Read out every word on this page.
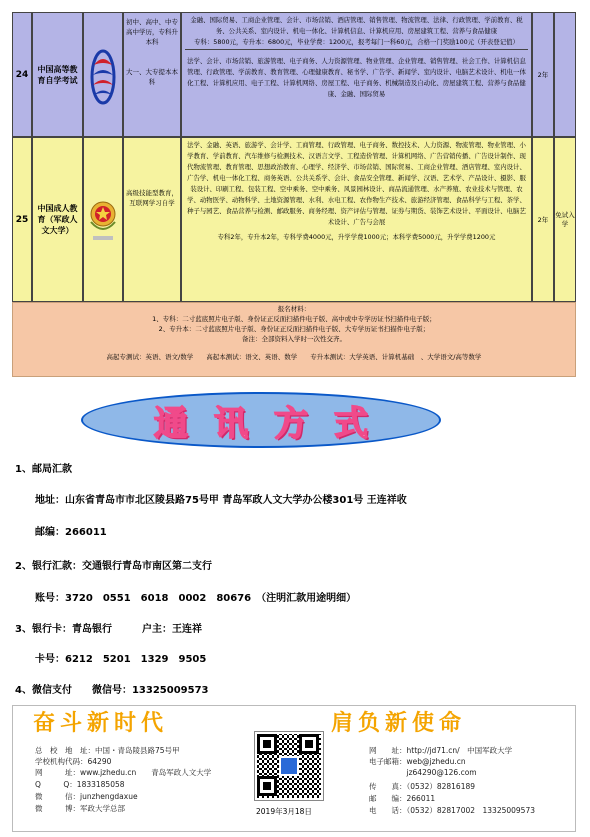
24
中国高等教育自学考试
初中、高中、中专高中学历，专科升本科
大一、大专提本本科

金融、国际贸易、工商企业管理、会计、市场营销、酒店管理、销售管理、物流管理、法律、行政管理、学前教育、税务、公共关系、室内设计、机电一体化、计算机信息、计算机应用、房屋建筑工程、营养与食品健康

专科：5800元，专升本：6800元，毕业学费：1200元，报考每门一科60元，合格一门奖励100元（开表登记值）

法学、会计、市场营销、旅游管理、电子商务、人力资源管理、物业管理、企业管理、销售管理、社会工作、计算机信息管理、行政管理、学前教育、教育管理、心理健康教育、秘书学、广告学、新闻学、室内设计、电脑艺术设计、机电一体化工程、计算机应用、电子工程、计算机网络、房屋工程、电子商务、机械制造及自动化、房屋建筑工程、营养与食品健康、金融、国际贸易

2年
25
中国成人教育（军政人文大学）
高级技能型教育，互联网学习自学

法学、金融、英语、旅游学、会计学、工商管理、行政管理、电子商务、数控技术、人力资源、物流管理、物业管理、小学教育、学前教育、汽车维修与检测技术、汉语言文学、工程造价管理、计算机网络、广告营销传播、广告设计制作、现代物流管理、教育管理、思想政治教育、心理学、经济学、市场营销、国际贸易、工商企业管理、酒店管理、室内设计、广告学、机电一体化工程、商务英语、公共关系学、会计、食品安全管理、新闻学、汉语、艺术学、产品设计、摄影、服装设计、印刷工程、包装工程、空中乘务、空中乘务、风景园林设计、商品流通管理、水产养殖、农业技术与管理、农学、动物医学、动物科学、土地资源管理、水利、水电工程、农作物生产技术、旅游经济管理、食品科学与工程、茶学、种子与园艺、食品营养与检测、邮政服务、商务经理、资产评估与管理、证券与期货、装饰艺术设计、平面设计、电脑艺术设计、广告与会展

专科2年，专升本2年，专科学费4000元，升学学费1000元；本科学费5000元，升学学费1200元

2年
免试入学

报名材料：

1、专科：二寸蓝底照片电子版、身份证正反面扫描件电子版、高中或中专学历证书扫描件电子版；

2、专升本：二寸蓝底照片电子版、身份证正反面扫描件电子版、大专学历证书扫描件电子版；

备注：全部资料入学时一次性交齐。

高起专测试：英语、语文/数学　　高起本测试：语文、英语、数学　　专升本测试：大学英语、计算机基础　、大学语文/高等数学

通讯方式
1、邮局汇款
地址：山东省青岛市市北区陵县路75号甲 青岛军政人文大学办公楼301号 王连祥收
邮编：266011
2、银行汇款：交通银行青岛市南区第二支行
账号：3720　0551　6018　0002　80676　（注明汇款用途明细）
3、银行卡：青岛银行　　　户主：王连祥
卡号：6212　5201　1329　9505
4、微信支付　　微信号：13325009573
奋斗新时代	肩负新使命
总　校　地　址：中国・青岛陵县路75号甲
学校机构代码：64290
网　　　址：www.jzhedu.cn　　青岛军政人文大学
Q　　　Q：1833185058
微　　　信：junzhengdaxue
微　　　博：军政大学总部	2019年3月18日
网　　址：http://jd71.cn/　中国军政大学
电子邮箱：web@jzhedu.cn
　　　　　jz64290@126.com
传　　真：（0532）82816189
邮　　编：266011
电　　话：（0532）82817002　13325009573
